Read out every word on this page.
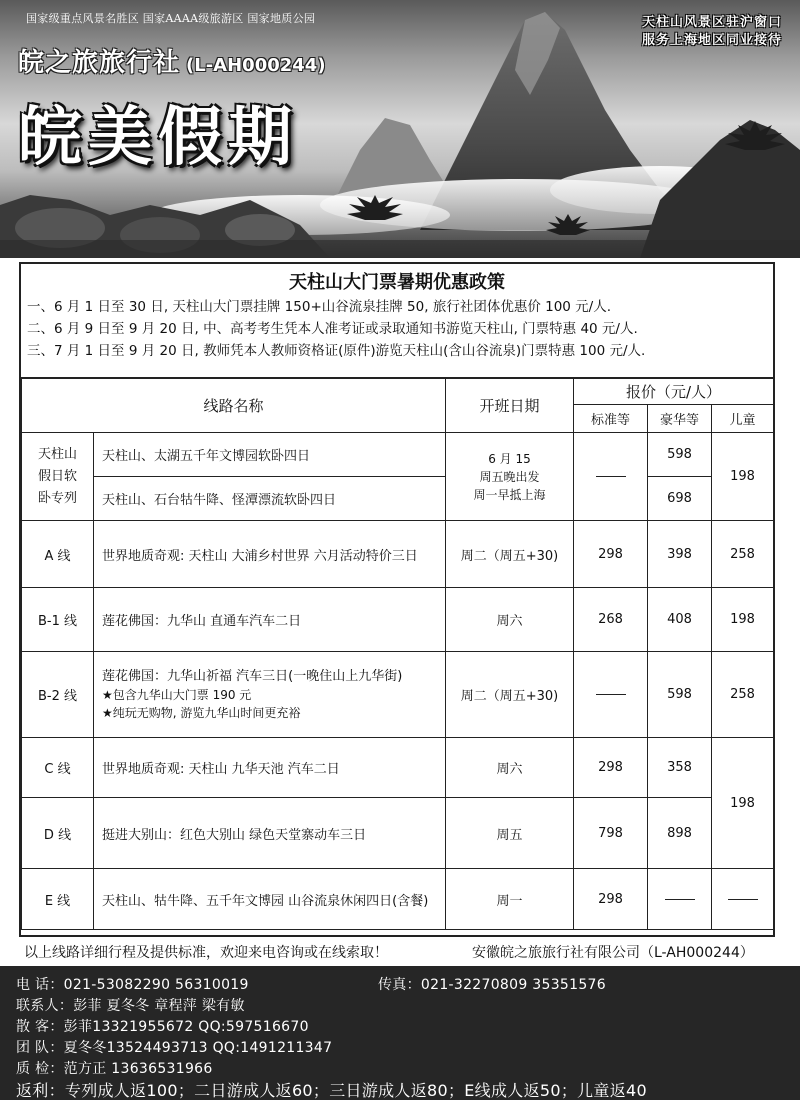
国家级重点风景名胜区 国家AAAA级旅游区 国家地质公园
皖之旅旅行社 (L-AH000244)
皖美假期
天柱山风景区驻沪窗口
服务上海地区同业接待
天柱山大门票暑期优惠政策
一、6 月 1 日至 30 日, 天柱山大门票挂牌 150+山谷流泉挂牌 50, 旅行社团体优惠价 100 元/人.
二、6 月 9 日至 9 月 20 日, 中、高考考生凭本人准考证或录取通知书游览天柱山, 门票特惠 40 元/人.
三、7 月 1 日至 9 月 20 日, 教师凭本人教师资格证(原件)游览天柱山(含山谷流泉)门票特惠 100 元/人.
线路名称		开班日期	报价（元/人）		
			标准等	豪华等	儿童

天柱山假日软卧专列	天柱山、太湖五千年文博园软卧四日	6 月 15
周五晚出发
周一早抵上海		598	198
	天柱山、石台牯牛降、怪潭漂流软卧四日			698	
A 线	世界地质奇观: 天柱山 大浦乡村世界 六月活动特价三日	周二（周五+30)	298	398	258
B-1 线	莲花佛国：九华山 直通车汽车二日	周六	268	408	198
B-2 线	莲花佛国：九华山祈福 汽车三日(一晚住山上九华街)
★包含九华山大门票 190 元
★纯玩无购物, 游览九华山时间更充裕	周二（周五+30)		598	258
C 线	世界地质奇观: 天柱山 九华天池 汽车二日	周六	298	358	198
D 线	挺进大别山：红色大别山 绿色天堂寨动车三日	周五	798	898	
E 线	天柱山、牯牛降、五千年文博园 山谷流泉休闲四日(含餐)	周一	298		
以上线路详细行程及提供标准，欢迎来电咨询或在线索取！	安徽皖之旅旅行社有限公司（L-AH000244）
电 话：021-53082290 56310019	传真：021-32270809 35351576
联系人：彭菲 夏冬冬 章程萍 梁有敏
散 客：彭菲13321955672 QQ:597516670
团 队：夏冬冬13524493713 QQ:1491211347
质 检：范方正 13636531966
返利：专列成人返100；二日游成人返60；三日游成人返80；E线成人返50；儿童返40
